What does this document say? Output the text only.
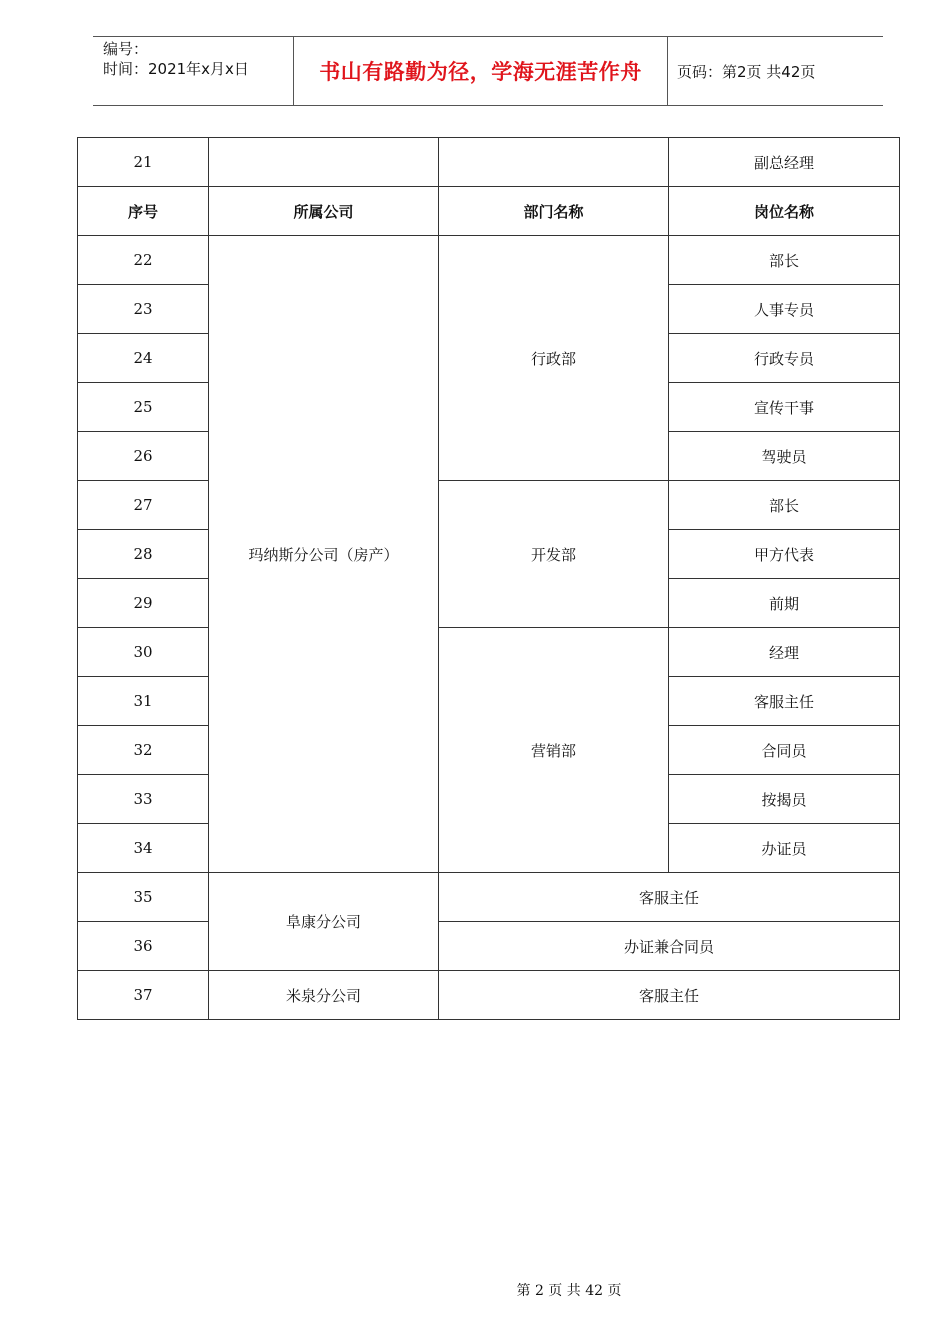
编号：
时间：2021年x月x日	书山有路勤为径，学海无涯苦作舟	页码：第2页 共42页
21			副总经理
序号	所属公司	部门名称	岗位名称
22	玛纳斯分公司（房产）	行政部	部长
23			人事专员
24			行政专员
25			宣传干事
26			驾驶员
27		开发部	部长
28			甲方代表
29			前期
30		营销部	经理
31			客服主任
32			合同员
33			按揭员
34			办证员
35	阜康分公司	客服主任	
36		办证兼合同员	
37	米泉分公司	客服主任	
第 2 页 共 42 页
